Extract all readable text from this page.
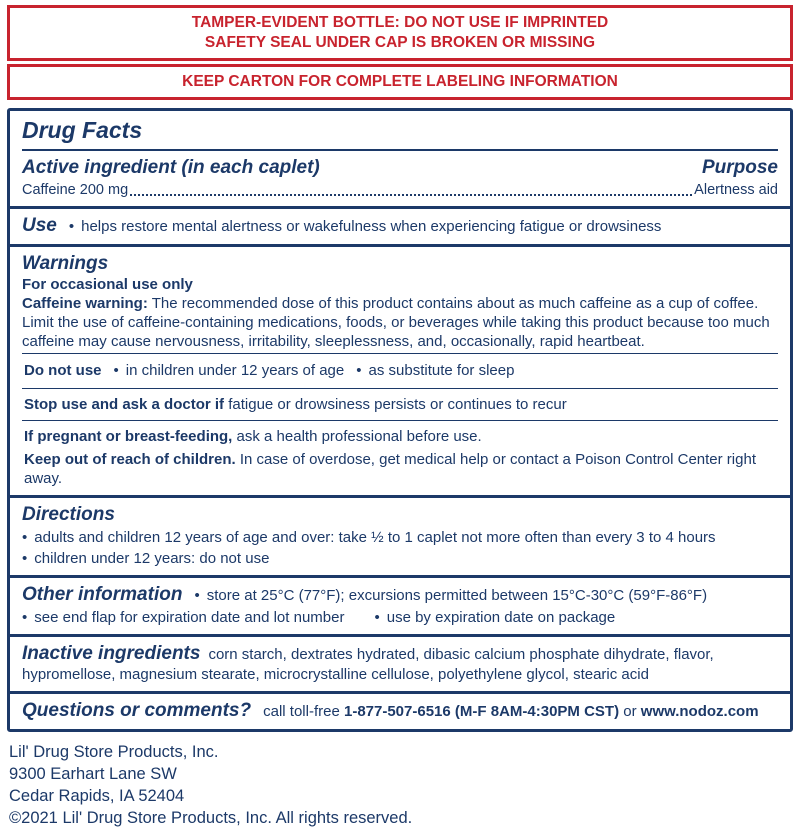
TAMPER-EVIDENT BOTTLE: DO NOT USE IF IMPRINTED
SAFETY SEAL UNDER CAP IS BROKEN OR MISSING
KEEP CARTON FOR COMPLETE LABELING INFORMATION
Drug Facts
Active ingredient (in each caplet)	Purpose
Caffeine 200 mg	Alertness aid
Use	• helps restore mental alertness or wakefulness when experiencing fatigue or drowsiness
Warnings
For occasional use only
Caffeine warning: The recommended dose of this product contains about as much caffeine as a cup of coffee. Limit the use of caffeine-containing medications, foods, or beverages while taking this product because too much caffeine may cause nervousness, irritability, sleeplessness, and, occasionally, rapid heartbeat.
Do not use	• in children under 12 years of age	• as substitute for sleep
Stop use and ask a doctor if fatigue or drowsiness persists or continues to recur
If pregnant or breast-feeding, ask a health professional before use.
Keep out of reach of children. In case of overdose, get medical help or contact a Poison Control Center right away.
Directions
• adults and children 12 years of age and over: take ½ to 1 caplet not more often than every 3 to 4 hours • children under 12 years: do not use
Other information	• store at 25°C (77°F); excursions permitted between 15°C-30°C (59°F-86°F)
• see end flap for expiration date and lot number	• use by expiration date on package
Inactive ingredients corn starch, dextrates hydrated, dibasic calcium phosphate dihydrate, flavor, hypromellose, magnesium stearate, microcrystalline cellulose, polyethylene glycol, stearic acid
Questions or comments? call toll-free 1-877-507-6516 (M-F 8AM-4:30PM CST) or www.nodoz.com
Lil' Drug Store Products, Inc.
9300 Earhart Lane SW
Cedar Rapids, IA 52404
©2021 Lil' Drug Store Products, Inc. All rights reserved.
